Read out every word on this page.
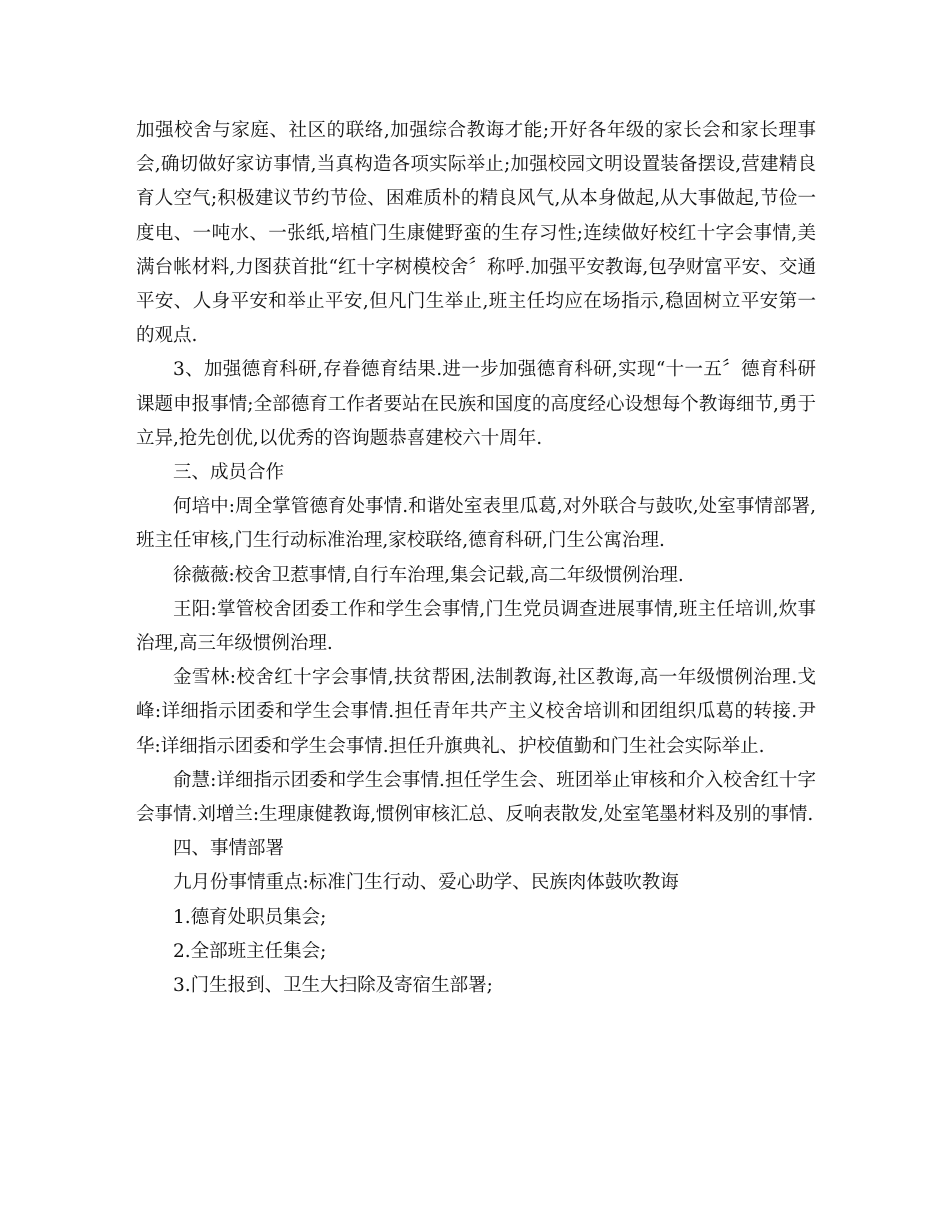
加强校舍与家庭、社区的联络,加强综合教诲才能;开好各年级的家长会和家长理事会,确切做好家访事情,当真构造各项实际举止;加强校园文明设置装备摆设,营建精良育人空气;积极建议节约节俭、困难质朴的精良风气,从本身做起,从大事做起,节俭一度电、一吨水、一张纸,培植门生康健野蛮的生存习性;连续做好校红十字会事情,美满台帐材料,力图获首批“红十字树模校舍〞称呼.加强平安教诲,包孕财富平安、交通平安、人身平安和举止平安,但凡门生举止,班主任均应在场指示,稳固树立平安第一的观点.

3、加强德育科研,存眷德育结果.进一步加强德育科研,实现“十一五〞德育科研课题申报事情;全部德育工作者要站在民族和国度的高度经心设想每个教诲细节,勇于立异,抢先创优,以优秀的咨询题恭喜建校六十周年.

三、成员合作

何培中:周全掌管德育处事情.和谐处室表里瓜葛,对外联合与鼓吹,处室事情部署,班主任审核,门生行动标准治理,家校联络,德育科研,门生公寓治理.

徐薇薇:校舍卫惹事情,自行车治理,集会记载,高二年级惯例治理.

王阳:掌管校舍团委工作和学生会事情,门生党员调查进展事情,班主任培训,炊事治理,高三年级惯例治理.

金雪林:校舍红十字会事情,扶贫帮困,法制教诲,社区教诲,高一年级惯例治理.戈峰:详细指示团委和学生会事情.担任青年共产主义校舍培训和团组织瓜葛的转接.尹华:详细指示团委和学生会事情.担任升旗典礼、护校值勤和门生社会实际举止.

俞慧:详细指示团委和学生会事情.担任学生会、班团举止审核和介入校舍红十字会事情.刘增兰:生理康健教诲,惯例审核汇总、反响表散发,处室笔墨材料及别的事情.

四、事情部署

九月份事情重点:标准门生行动、爱心助学、民族肉体鼓吹教诲

1.德育处职员集会;

2.全部班主任集会;

3.门生报到、卫生大扫除及寄宿生部署;
